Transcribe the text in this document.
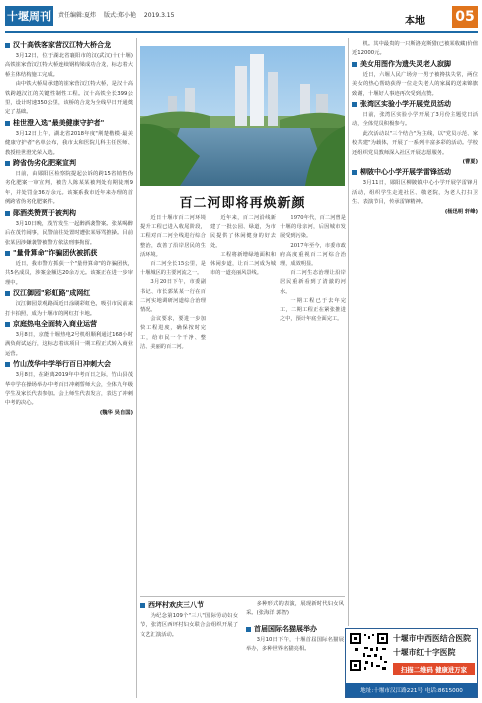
十堰周刊	责任编辑:夏炜 版式:郑小艳 2019.3.15
本地 05
汉十高铁客家营汉江特大桥合龙

3月12日，位于湖北省襄阳市的汉(武汉)十(十堰)高铁崔家营汉江特大桥连续钢构梁成功合龙，标志着大桥主体结构施工完成。

由中铁大桥局承建的崔家营汉江特大桥，是汉十高铁跨越汉江的关键性制性工程。汉十高铁全长399公里，设计时速350公里，该桥的合龙为全线早日开通奠定了基础。

桂世澄入选"最美健康守护者"

3月12日上午，湖北省2018年度"荆楚楷模·最美健康守护者"名单公布，我市太和医院儿科主任医师、教授桂世澄光荣入选。

跨省伪劣化肥案宣判

日前，由郧阳区检察院提起公诉的跨15省销售伪劣化肥案一审宣判，被告人陈某某被判处有期徒刑9年，并处罚金36万余元。该案系我市近年来办理的首例跨省伪劣化肥案件。

郧酒类赞贾于被判构

3月10日晚，茂竹发生一起醉酒袭警案。张某喝醉后在茂竹闹事，民警前往处置时遭张某辱骂推搡。目前张某因涉嫌袭警被警方依法刑事拘留。

"量骨算命"诈骗团伙被抓获

近日，我市警方抓获一个"量骨算命"的诈骗团伙，共5名成员，涉案金额达20余万元。该案正在进一步审理中。

汉江御园"彩虹路"成网红

汉江御园景观路面近日涂刷彩虹色，吸引市民前来打卡拍照，成为十堰市的网红打卡地。

京庭热电全面转入商业运营

3月8日，京能十堰热电2号机组顺利通过168小时满负荷试运行，这标志着该项目一期工程正式转入商业运营。

竹山茂华中学举行百日冲刺大会

3月8日，在距离2019年中考百日之际，竹山县茂华中学在操场举办中考百日冲刺誓师大会，全体九年级学生及家长代表参加。会上师生代表发言，表达了冲刺中考的决心。

(魏华 吴自国)
百二河即将再焕新颜

近日十堰市百二河环境提升工程已进入收尾阶段，工程对百二河全线进行综合整治，改善了沿岸居民的生活环境。

百二河全长15公里，是十堰城区的主要河流之一。

3月20日下午，市委副书记、市长郭某某一行在百二河实地调研河道综合治理情况。

会议要求，要进一步加快工程进度，确保按时完工，给市民一个干净、整洁、美丽的百二河。

近年来，百二河沿线新建了一批公园、绿道，为市民提供了休闲健身的好去处。

工程将新增绿地面积和休闲步道，让百二河成为城市的一道亮丽风景线。

1970年代，百二河曾是十堰的母亲河，后因城市发展受到污染。

2017年至今，市委市政府高度重视百二河综合治理，成效明显。

百二河生态治理让沿岸居民重新看到了清澈的河水。

一期工程已于去年完工，二期工程正在紧张推进之中，预计年底全面完工。

西坪村欢庆三八节

为纪念第109个"三八"国际劳动妇女节，张湾区西坪村妇女联合会组织开展了文艺汇演活动。

多种形式的表演，展现新时代妇女风采。(张海洋 郭智)

首届国际名猫展举办

3月10日下午，十堰首届国际名猫展举办，多种世界名猫亮相。

机。其中最贵的一只斯洛克斯猎(已被某收藏)价值近12000元。

美女用图作为遗失灵老人寂脚

近日，六堰人民广场旁一男子被搀扶失常，两位美女的热心帮助获得一位走失老人的家属的送来锦旗致谢，十堰好人事迹再次受到点赞。

张湾区实验小学开展党员活动

日前，张湾区实验小学开展了3月份主题党日活动，全体党员积极参与。

此次活动以"三个结合"为主线，以"党员示范、家校共建"为载体，开展了一系列丰富多彩的活动。学校还组织党员教师深入社区开展志愿服务。

(曹夏)
柳陂中心小学开展学雷锋活动

3月11日，郧阳区柳陂镇中心小学开展学雷锋月活动，组织学生走进社区、敬老院，为老人打扫卫生、表演节目，传承雷锋精神。

(杨迅明 轩峰)
十堰市中西医结合医院
十堰市红十字医院
扫描二维码 健康进万家
地址:十堰市汉江路221号 电话:8615000
